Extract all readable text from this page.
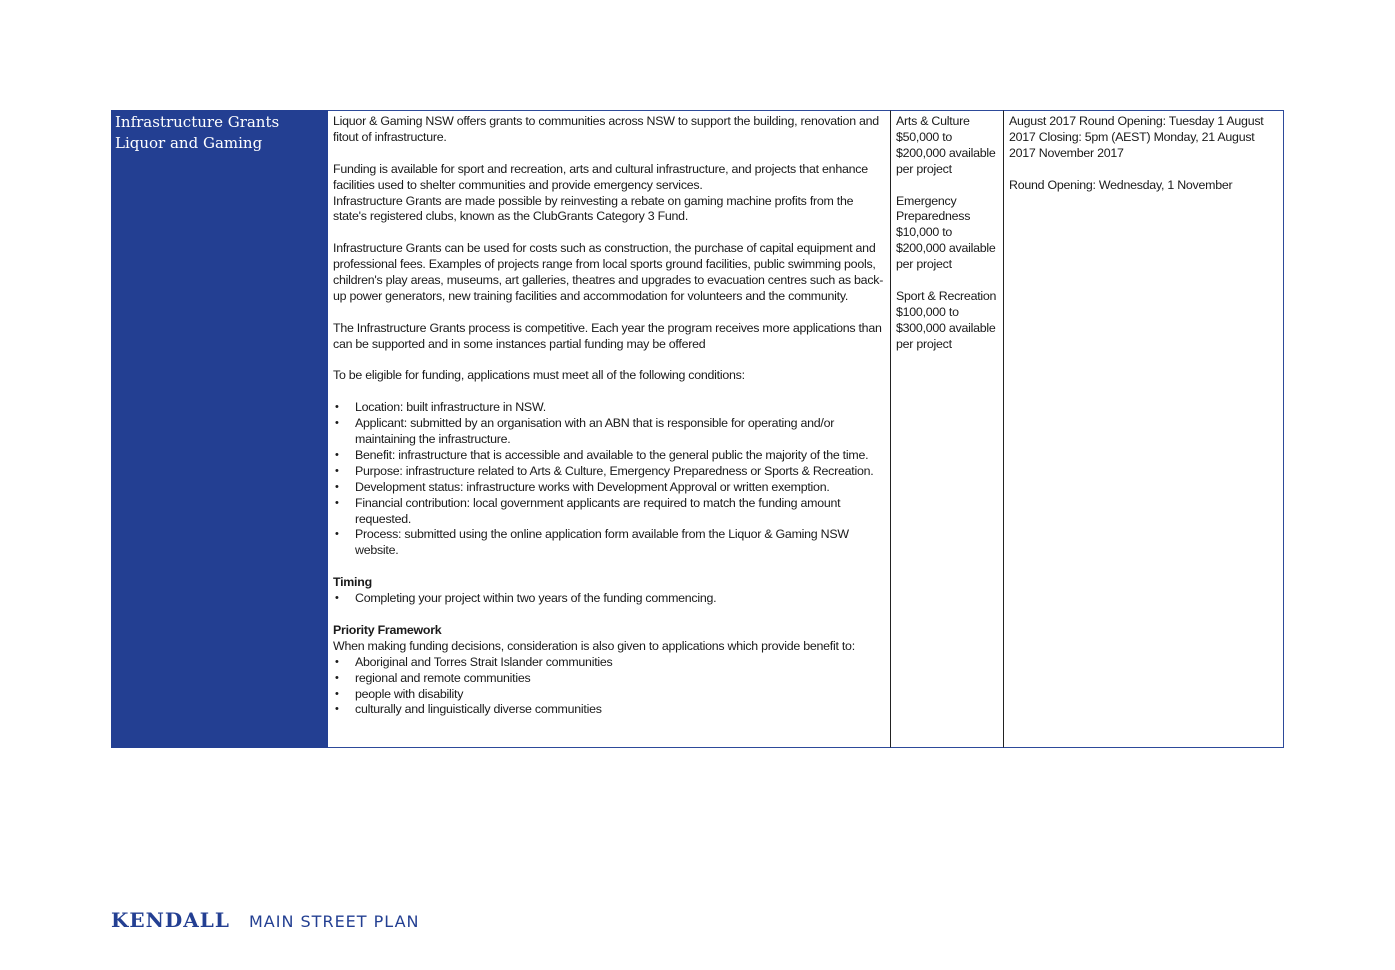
Infrastructure Grants
Liquor and Gaming

Liquor & Gaming NSW offers grants to communities across NSW to support the building, renovation and fitout of infrastructure.

Funding is available for sport and recreation, arts and cultural infrastructure, and projects that enhance facilities used to shelter communities and provide emergency services.

Infrastructure Grants are made possible by reinvesting a rebate on gaming machine profits from the state's registered clubs, known as the ClubGrants Category 3 Fund.

Infrastructure Grants can be used for costs such as construction, the purchase of capital equipment and professional fees. Examples of projects range from local sports ground facilities, public swimming pools, children's play areas, museums, art galleries, theatres and upgrades to evacuation centres such as back-up power generators, new training facilities and accommodation for volunteers and the community.

The Infrastructure Grants process is competitive. Each year the program receives more applications than can be supported and in some instances partial funding may be offered

To be eligible for funding, applications must meet all of the following conditions:

• Location: built infrastructure in NSW.
• Applicant: submitted by an organisation with an ABN that is responsible for operating and/or maintaining the infrastructure.
• Benefit: infrastructure that is accessible and available to the general public the majority of the time.
• Purpose: infrastructure related to Arts & Culture, Emergency Preparedness or Sports & Recreation.
• Development status: infrastructure works with Development Approval or written exemption.
• Financial contribution: local government applicants are required to match the funding amount requested.
• Process: submitted using the online application form available from the Liquor & Gaming NSW website.

Timing

• Completing your project within two years of the funding commencing.

Priority Framework

When making funding decisions, consideration is also given to applications which provide benefit to:

• Aboriginal and Torres Strait Islander communities
• regional and remote communities
• people with disability
• culturally and linguistically diverse communities

Arts & Culture $50,000 to $200,000 available per project

Emergency Preparedness $10,000 to $200,000 available per project

Sport & Recreation $100,000 to $300,000 available per project

August 2017 Round Opening: Tuesday 1 August 2017 Closing: 5pm (AEST) Monday, 21 August 2017 November 2017

Round Opening: Wednesday, 1 November

KENDALL MAIN STREET PLAN
